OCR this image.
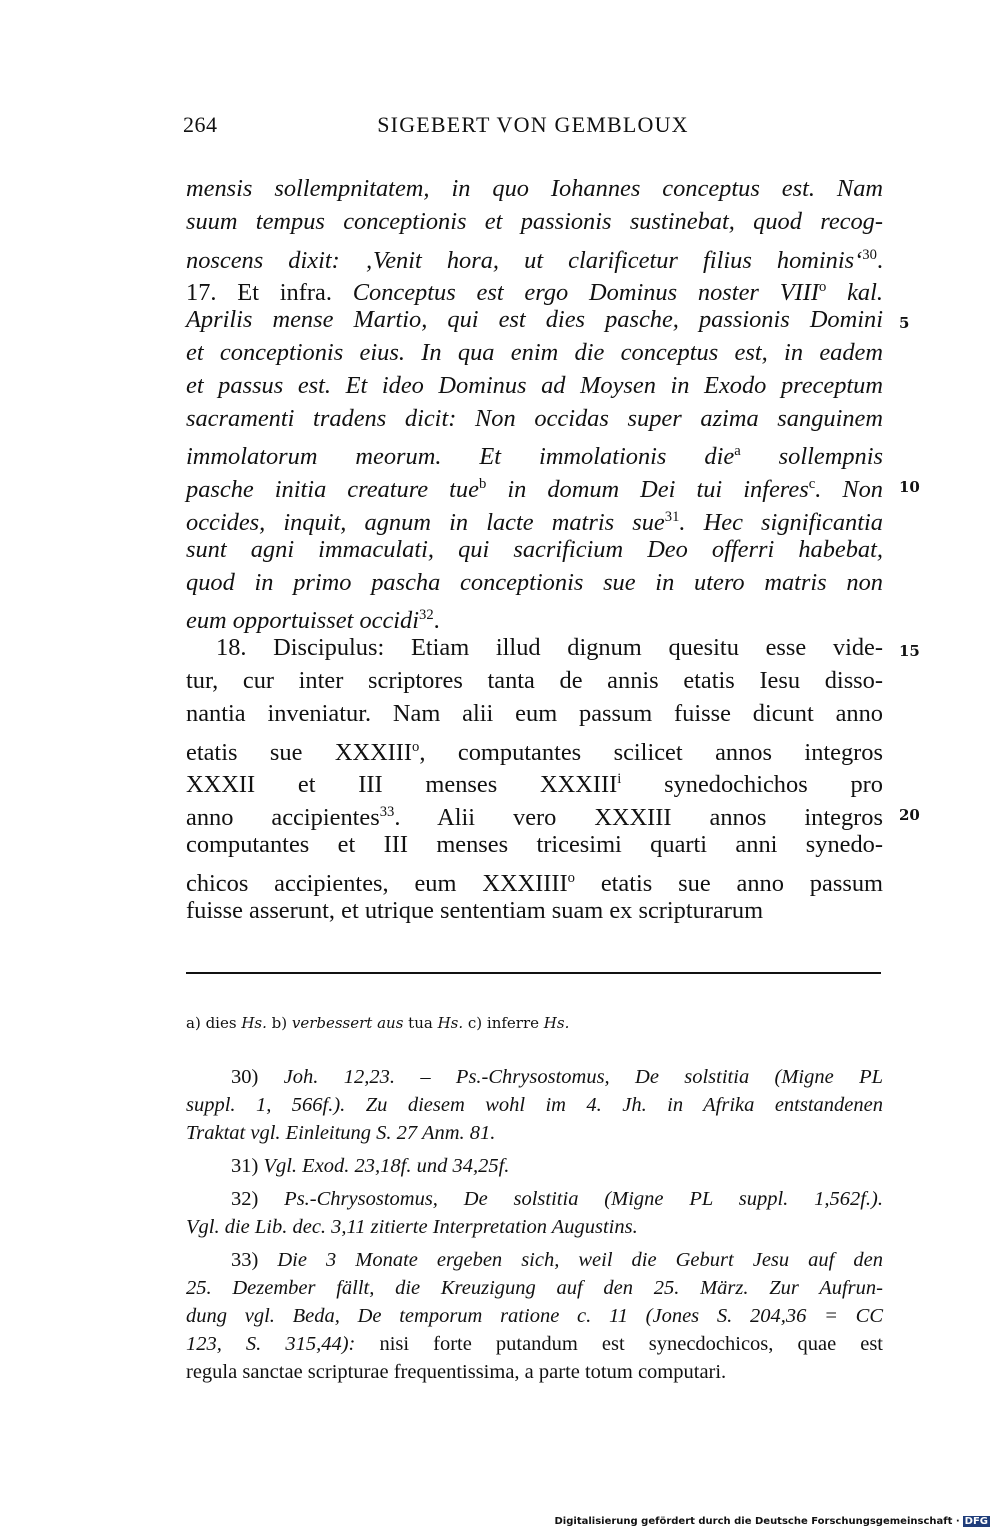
264	SIGEBERT VON GEMBLOUX
mensis sollempnitatem, in quo Iohannes conceptus est. Nam
suum tempus conceptionis et passionis sustinebat, quod recog-
noscens dixit: ‚Venit hora, ut clarificetur filius hominis‘$^{30}$.
17. Et infra. Conceptus est ergo Dominus noster VIII$^o$ kal.
Aprilis mense Martio, qui est dies pasche, passionis Domini 5
et conceptionis eius. In qua enim die conceptus est, in eadem
et passus est. Et ideo Dominus ad Moysen in Exodo preceptum
sacramenti tradens dicit: Non occidas super azima sanguinem
immolatorum meorum. Et immolationis die$^a$ sollempnis
pasche initia creature tue$^b$ in domum Dei tui inferes$^c$. Non 10
occides, inquit, agnum in lacte matris sue$^{31}$. Hec significantia
sunt agni immaculati, qui sacrificium Deo offerri habebat,
quod in primo pascha conceptionis sue in utero matris non
eum opportuisset occidi$^{32}$.
18. Discipulus: Etiam illud dignum quesitu esse vide- 15
tur, cur inter scriptores tanta de annis etatis Iesu disso-
nantia inveniatur. Nam alii eum passum fuisse dicunt anno
etatis sue XXXIII$^o$, computantes scilicet annos integros
XXXII et III menses XXXIII$^i$ synedochichos pro
anno accipientes$^{33}$. Alii vero XXXIII annos integros 20
computantes et III menses tricesimi quarti anni synedo-
chicos accipientes, eum XXXIIII$^o$ etatis sue anno passum
fuisse asserunt, et utrique sententiam suam ex scripturarum
a) dies Hs. b) verbessert aus tua Hs. c) inferre Hs.
30) Joh. 12,23. – Ps.-Chrysostomus, De solstitia (Migne PL
suppl. 1, 566f.). Zu diesem wohl im 4. Jh. in Afrika entstandenen
Traktat vgl. Einleitung S. 27 Anm. 81.
31) Vgl. Exod. 23,18f. und 34,25f.
32) Ps.-Chrysostomus, De solstitia (Migne PL suppl. 1,562f.).
Vgl. die Lib. dec. 3,11 zitierte Interpretation Augustins.
33) Die 3 Monate ergeben sich, weil die Geburt Jesu auf den
25. Dezember fällt, die Kreuzigung auf den 25. März. Zur Aufrun-
dung vgl. Beda, De temporum ratione c. 11 (Jones S. 204,36 = CC
123, S. 315,44): nisi forte putandum est synecdochicos, quae est
regula sanctae scripturae frequentissima, a parte totum computari.
Digitalisierung gefördert durch die Deutsche Forschungsgemeinschaft · DFG
